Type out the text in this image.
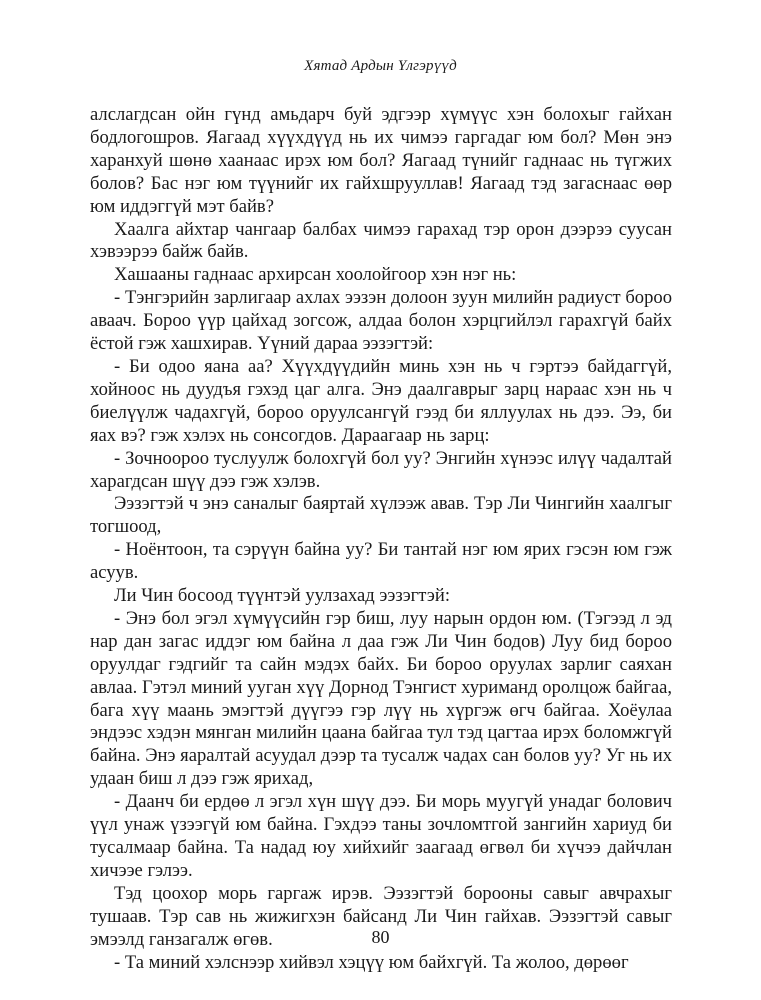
Хятад Ардын Үлгэрүүд

алслагдсан ойн гүнд амьдарч буй эдгээр хүмүүс хэн болохыг гайхан бодлогошров. Яагаад хүүхдүүд нь их чимээ гаргадаг юм бол? Мөн энэ харанхуй шөнө хаанаас ирэх юм бол? Яагаад түнийг гаднаас нь түгжих болов? Бас нэг юм түүнийг их гайхшрууллав! Яагаад тэд загаснаас өөр юм иддэггүй мэт байв?

Хаалга айхтар чангаар балбах чимээ гарахад тэр орон дээрээ суусан хэвээрээ байж байв.

Хашааны гаднаас архирсан хоолойгоор хэн нэг нь:

- Тэнгэрийн зарлигаар ахлах ээзэн долоон зуун милийн радиуст бороо аваач. Бороо үүр цайхад зогсож, алдаа болон хэрцгийлэл гарахгүй байх ёстой гэж хашхирав. Үүний дараа ээзэгтэй:

- Би одоо яана аа? Хүүхдүүдийн минь хэн нь ч гэртээ байдаггүй, хойноос нь дуудъя гэхэд цаг алга. Энэ даалгаврыг зарц нараас хэн нь ч биелүүлж чадахгүй, бороо оруулсангүй гээд би яллуулах нь дээ. Ээ, би яах вэ? гэж хэлэх нь сонсогдов. Дараагаар нь зарц:

- Зочноороо туслуулж болохгүй бол уу? Энгийн хүнээс илүү чадалтай харагдсан шүү дээ гэж хэлэв.

Ээзэгтэй ч энэ саналыг баяртай хүлээж авав. Тэр Ли Чингийн хаалгыг тогшоод,

- Ноёнтоон, та сэрүүн байна уу? Би тантай нэг юм ярих гэсэн юм гэж асуув.

Ли Чин босоод түүнтэй уулзахад ээзэгтэй:

- Энэ бол эгэл хүмүүсийн гэр биш, луу нарын ордон юм. (Тэгээд л эд нар дан загас иддэг юм байна л даа гэж Ли Чин бодов) Луу бид бороо оруулдаг гэдгийг та сайн мэдэх байх. Би бороо оруулах зарлиг саяхан авлаа. Гэтэл миний ууган хүү Дорнод Тэнгист хуриманд оролцож байгаа, бага хүү маань эмэгтэй дүүгээ гэр лүү нь хүргэж өгч байгаа. Хоёулаа эндээс хэдэн мянган милийн цаана байгаа тул тэд цагтаа ирэх боломжгүй байна. Энэ яаралтай асуудал дээр та тусалж чадах сан болов уу? Уг нь их удаан биш л дээ гэж ярихад,

- Даанч би ердөө л эгэл хүн шүү дээ. Би морь муугүй унадаг болович үүл унаж үзээгүй юм байна. Гэхдээ таны зочломтгой зангийн хариуд би тусалмаар байна. Та надад юу хийхийг заагаад өгвөл би хүчээ дайчлан хичээе гэлээ.

Тэд цоохор морь гаргаж ирэв. Ээзэгтэй борооны савыг авчрахыг тушаав. Тэр сав нь жижигхэн байсанд Ли Чин гайхав. Ээзэгтэй савыг эмээлд ганзагалж өгөв.

- Та миний хэлснээр хийвэл хэцүү юм байхгүй. Та жолоо, дөрөөг

80
